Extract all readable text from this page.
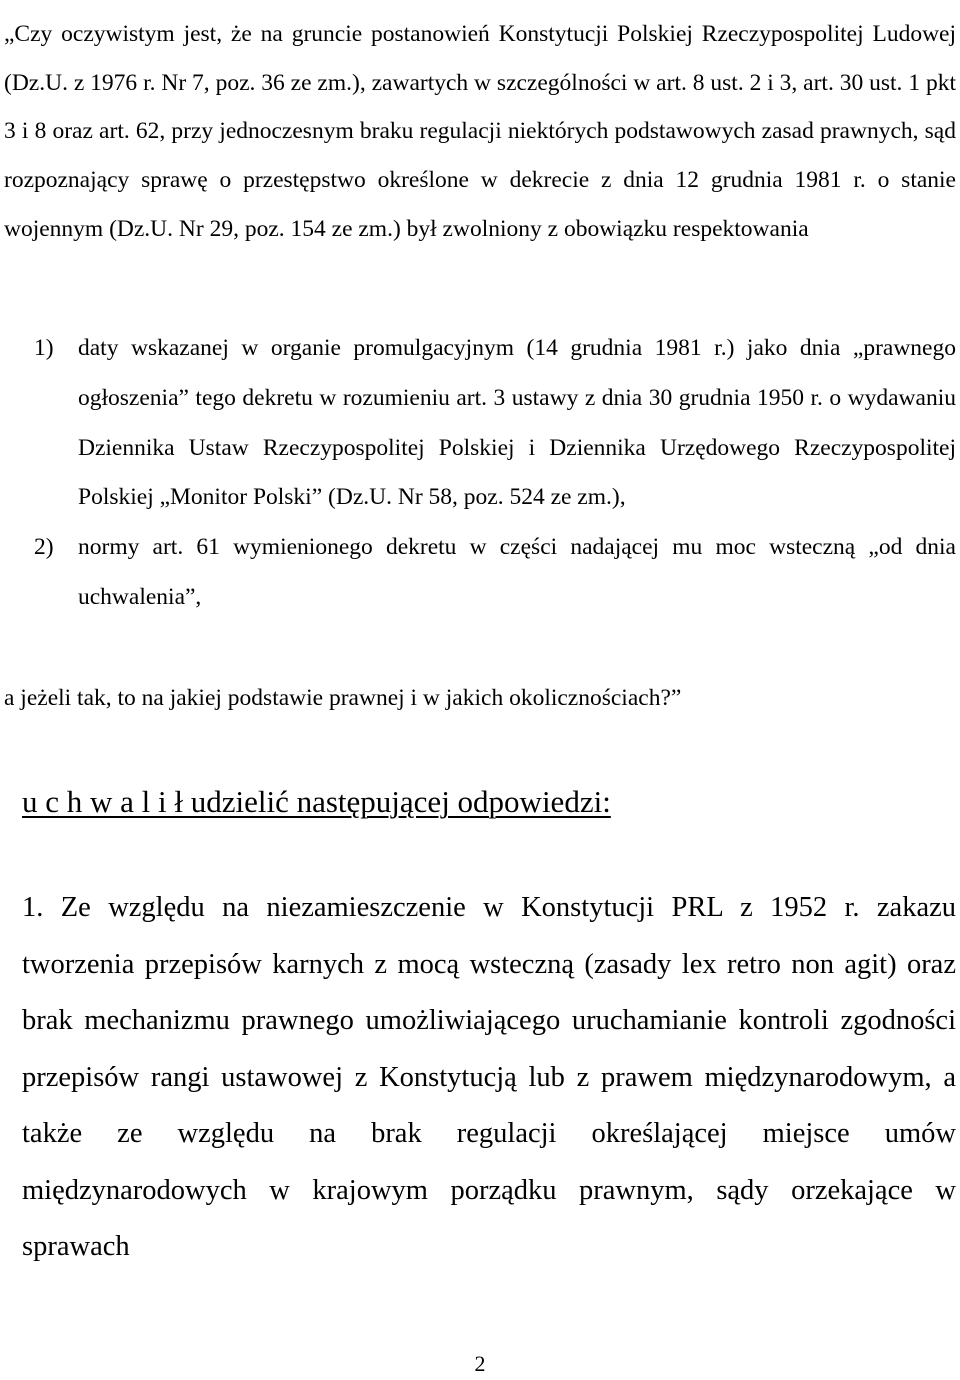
„Czy oczywistym jest, że na gruncie postanowień Konstytucji Polskiej Rzeczypospolitej Ludowej (Dz.U. z 1976 r. Nr 7, poz. 36 ze zm.), zawartych w szczególności w art. 8 ust. 2 i 3, art. 30 ust. 1 pkt 3 i 8 oraz art. 62, przy jednoczesnym braku regulacji niektórych podstawowych zasad prawnych, sąd rozpoznający sprawę o przestępstwo określone w dekrecie z dnia 12 grudnia 1981 r. o stanie wojennym (Dz.U. Nr 29, poz. 154 ze zm.) był zwolniony z obowiązku respektowania

1) daty wskazanej w organie promulgacyjnym (14 grudnia 1981 r.) jako dnia „prawnego ogłoszenia” tego dekretu w rozumieniu art. 3 ustawy z dnia 30 grudnia 1950 r. o wydawaniu Dziennika Ustaw Rzeczypospolitej Polskiej i Dziennika Urzędowego Rzeczypospolitej Polskiej „Monitor Polski” (Dz.U. Nr 58, poz. 524 ze zm.),
2) normy art. 61 wymienionego dekretu w części nadającej mu moc wsteczną „od dnia uchwalenia”,

a jeżeli tak, to na jakiej podstawie prawnej i w jakich okolicznościach?”

u c h w a l i ł udzielić następującej odpowiedzi:

1. Ze względu na niezamieszczenie w Konstytucji PRL z 1952 r. zakazu tworzenia przepisów karnych z mocą wsteczną (zasady lex retro non agit) oraz brak mechanizmu prawnego umożliwiającego uruchamianie kontroli zgodności przepisów rangi ustawowej z Konstytucją lub z prawem międzynarodowym, a także ze względu na brak regulacji określającej miejsce umów międzynarodowych w krajowym porządku prawnym, sądy orzekające w sprawach

2
